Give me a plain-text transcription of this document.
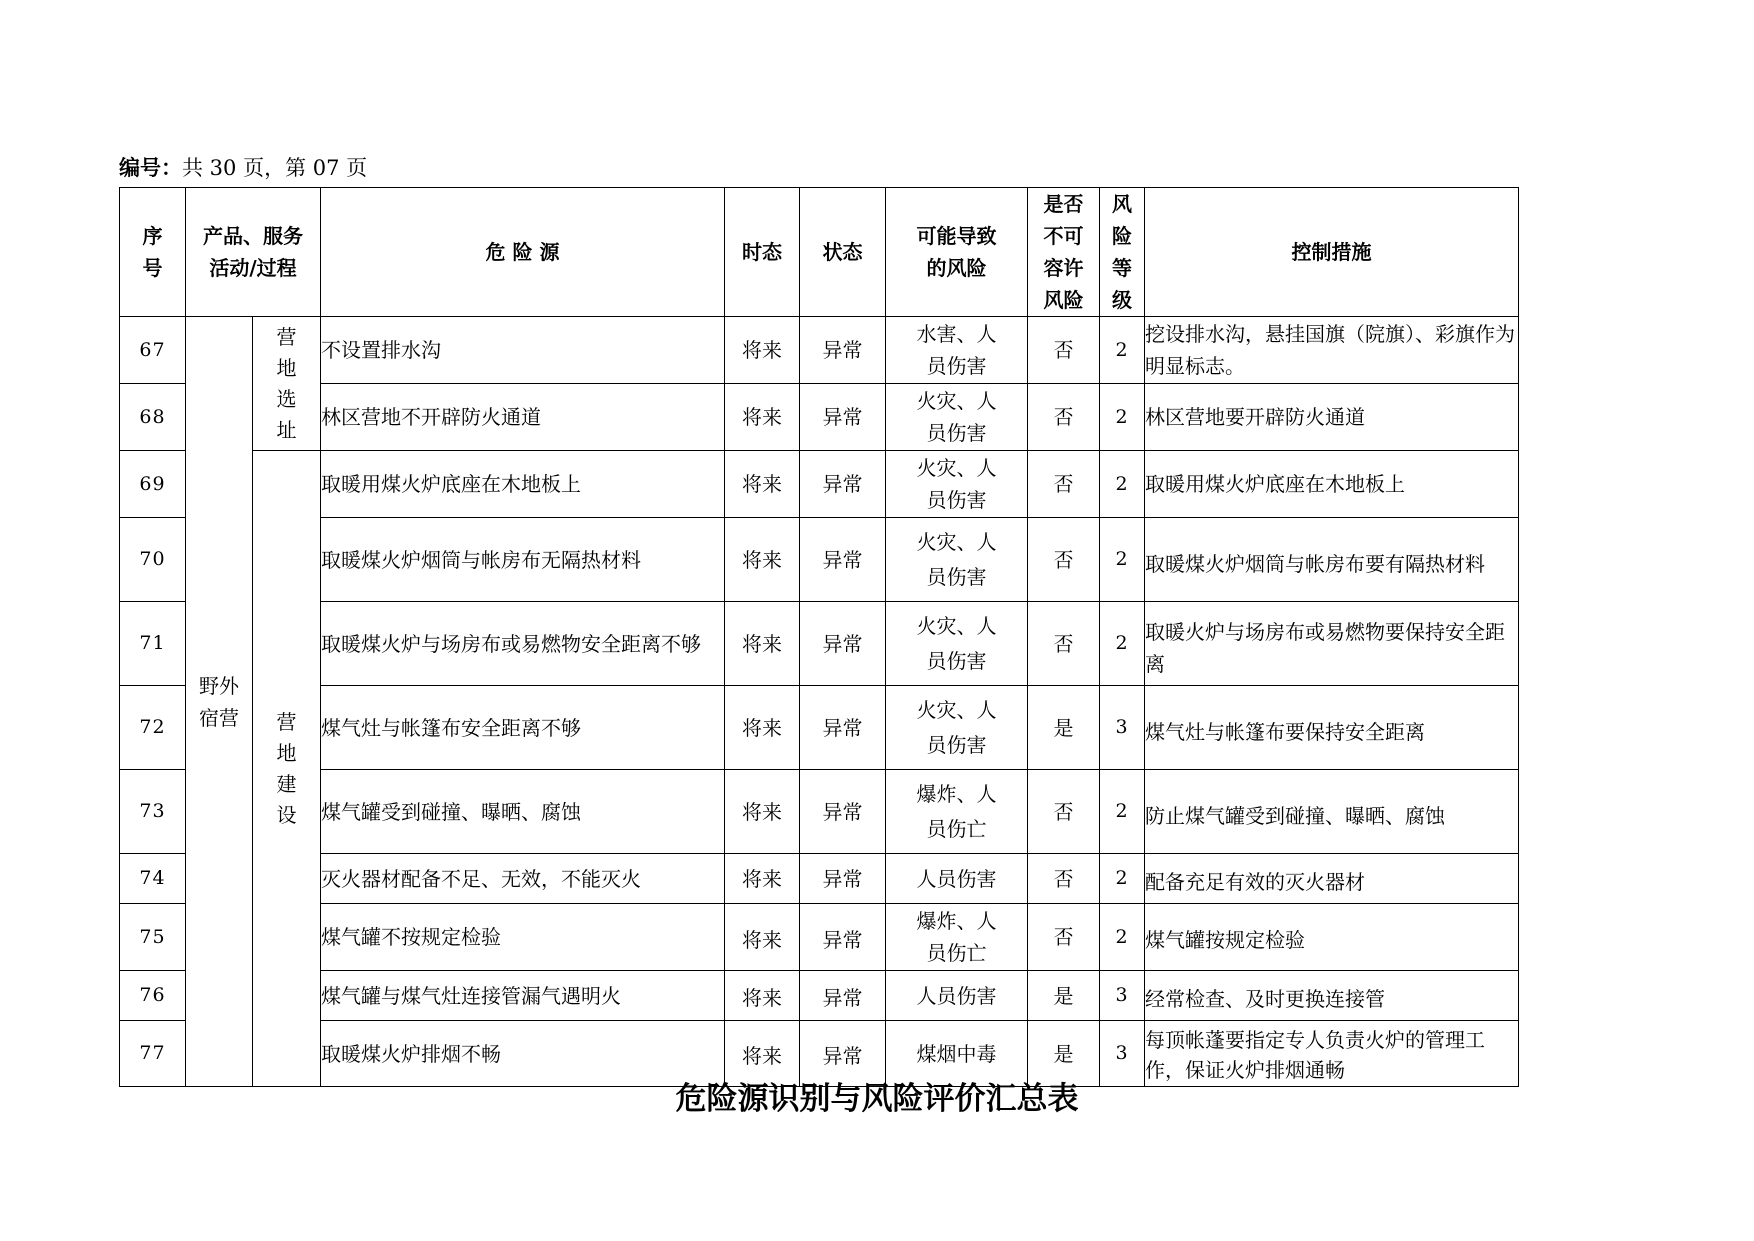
编号：共 30 页，第 07 页
序号	产品、服务活动/过程		危 险 源	时态	状态	可能导致的风险	是否不可容许风险	风险等级	控制措施
67	野外宿营	营地选址	不设置排水沟	将来	异常	水害、人员伤害	否	2	挖设排水沟，悬挂国旗（院旗）、彩旗作为明显标志。
68			林区营地不开辟防火通道	将来	异常	火灾、人员伤害	否	2	林区营地要开辟防火通道
69		营地建设	取暖用煤火炉底座在木地板上	将来	异常	火灾、人员伤害	否	2	取暖用煤火炉底座在木地板上
70			取暖煤火炉烟筒与帐房布无隔热材料	将来	异常	火灾、人员伤害	否	2	取暖煤火炉烟筒与帐房布要有隔热材料
71			取暖煤火炉与场房布或易燃物安全距离不够	将来	异常	火灾、人员伤害	否	2	取暖火炉与场房布或易燃物要保持安全距离
72			煤气灶与帐篷布安全距离不够	将来	异常	火灾、人员伤害	是	3	煤气灶与帐篷布要保持安全距离
73			煤气罐受到碰撞、曝晒、腐蚀	将来	异常	爆炸、人员伤亡	否	2	防止煤气罐受到碰撞、曝晒、腐蚀
74			灭火器材配备不足、无效，不能灭火	将来	异常	人员伤害	否	2	配备充足有效的灭火器材
75			煤气罐不按规定检验	将来	异常	爆炸、人员伤亡	否	2	煤气罐按规定检验
76			煤气罐与煤气灶连接管漏气遇明火	将来	异常	人员伤害	是	3	经常检查、及时更换连接管
77			取暖煤火炉排烟不畅	将来	异常	煤烟中毒	是	3	每顶帐蓬要指定专人负责火炉的管理工作，保证火炉排烟通畅
危险源识别与风险评价汇总表
